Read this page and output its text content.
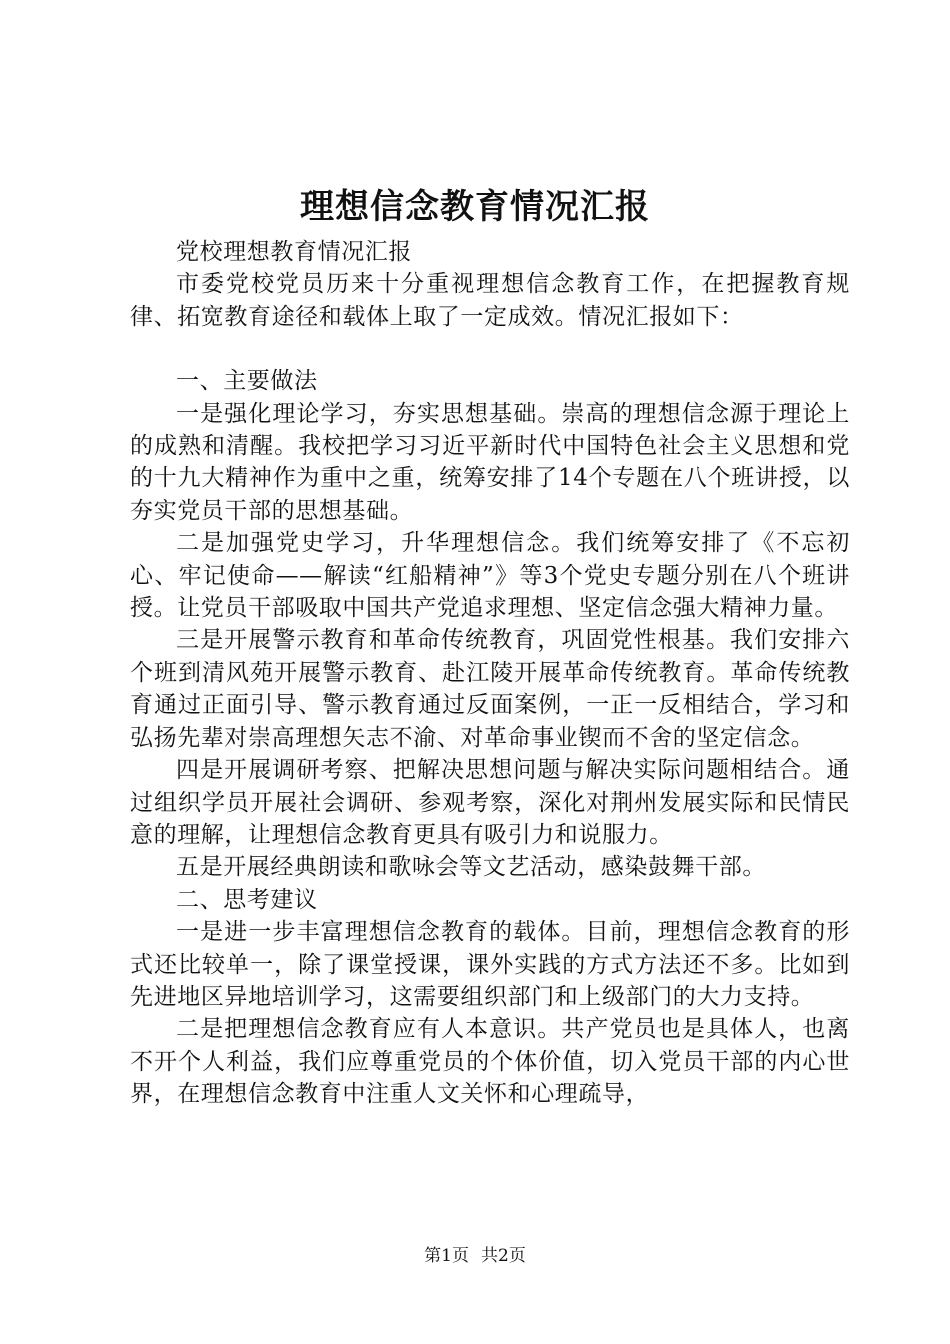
理想信念教育情况汇报

党校理想教育情况汇报

市委党校党员历来十分重视理想信念教育工作，在把握教育规律、拓宽教育途径和载体上取了一定成效。情况汇报如下：

一、主要做法

一是强化理论学习，夯实思想基础。崇高的理想信念源于理论上的成熟和清醒。我校把学习习近平新时代中国特色社会主义思想和党的十九大精神作为重中之重，统筹安排了14个专题在八个班讲授，以夯实党员干部的思想基础。

二是加强党史学习，升华理想信念。我们统筹安排了《不忘初心、牢记使命——解读“红船精神”》等3个党史专题分别在八个班讲授。让党员干部吸取中国共产党追求理想、坚定信念强大精神力量。

三是开展警示教育和革命传统教育，巩固党性根基。我们安排六个班到清风苑开展警示教育、赴江陵开展革命传统教育。革命传统教育通过正面引导、警示教育通过反面案例，一正一反相结合，学习和弘扬先辈对崇高理想矢志不渝、对革命事业锲而不舍的坚定信念。

四是开展调研考察、把解决思想问题与解决实际问题相结合。通过组织学员开展社会调研、参观考察，深化对荆州发展实际和民情民意的理解，让理想信念教育更具有吸引力和说服力。

五是开展经典朗读和歌咏会等文艺活动，感染鼓舞干部。

二、思考建议

一是进一步丰富理想信念教育的载体。目前，理想信念教育的形式还比较单一，除了课堂授课，课外实践的方式方法还不多。比如到先进地区异地培训学习，这需要组织部门和上级部门的大力支持。

二是把理想信念教育应有人本意识。共产党员也是具体人，也离不开个人利益，我们应尊重党员的个体价值，切入党员干部的内心世界，在理想信念教育中注重人文关怀和心理疏导，

第1页 共2页
